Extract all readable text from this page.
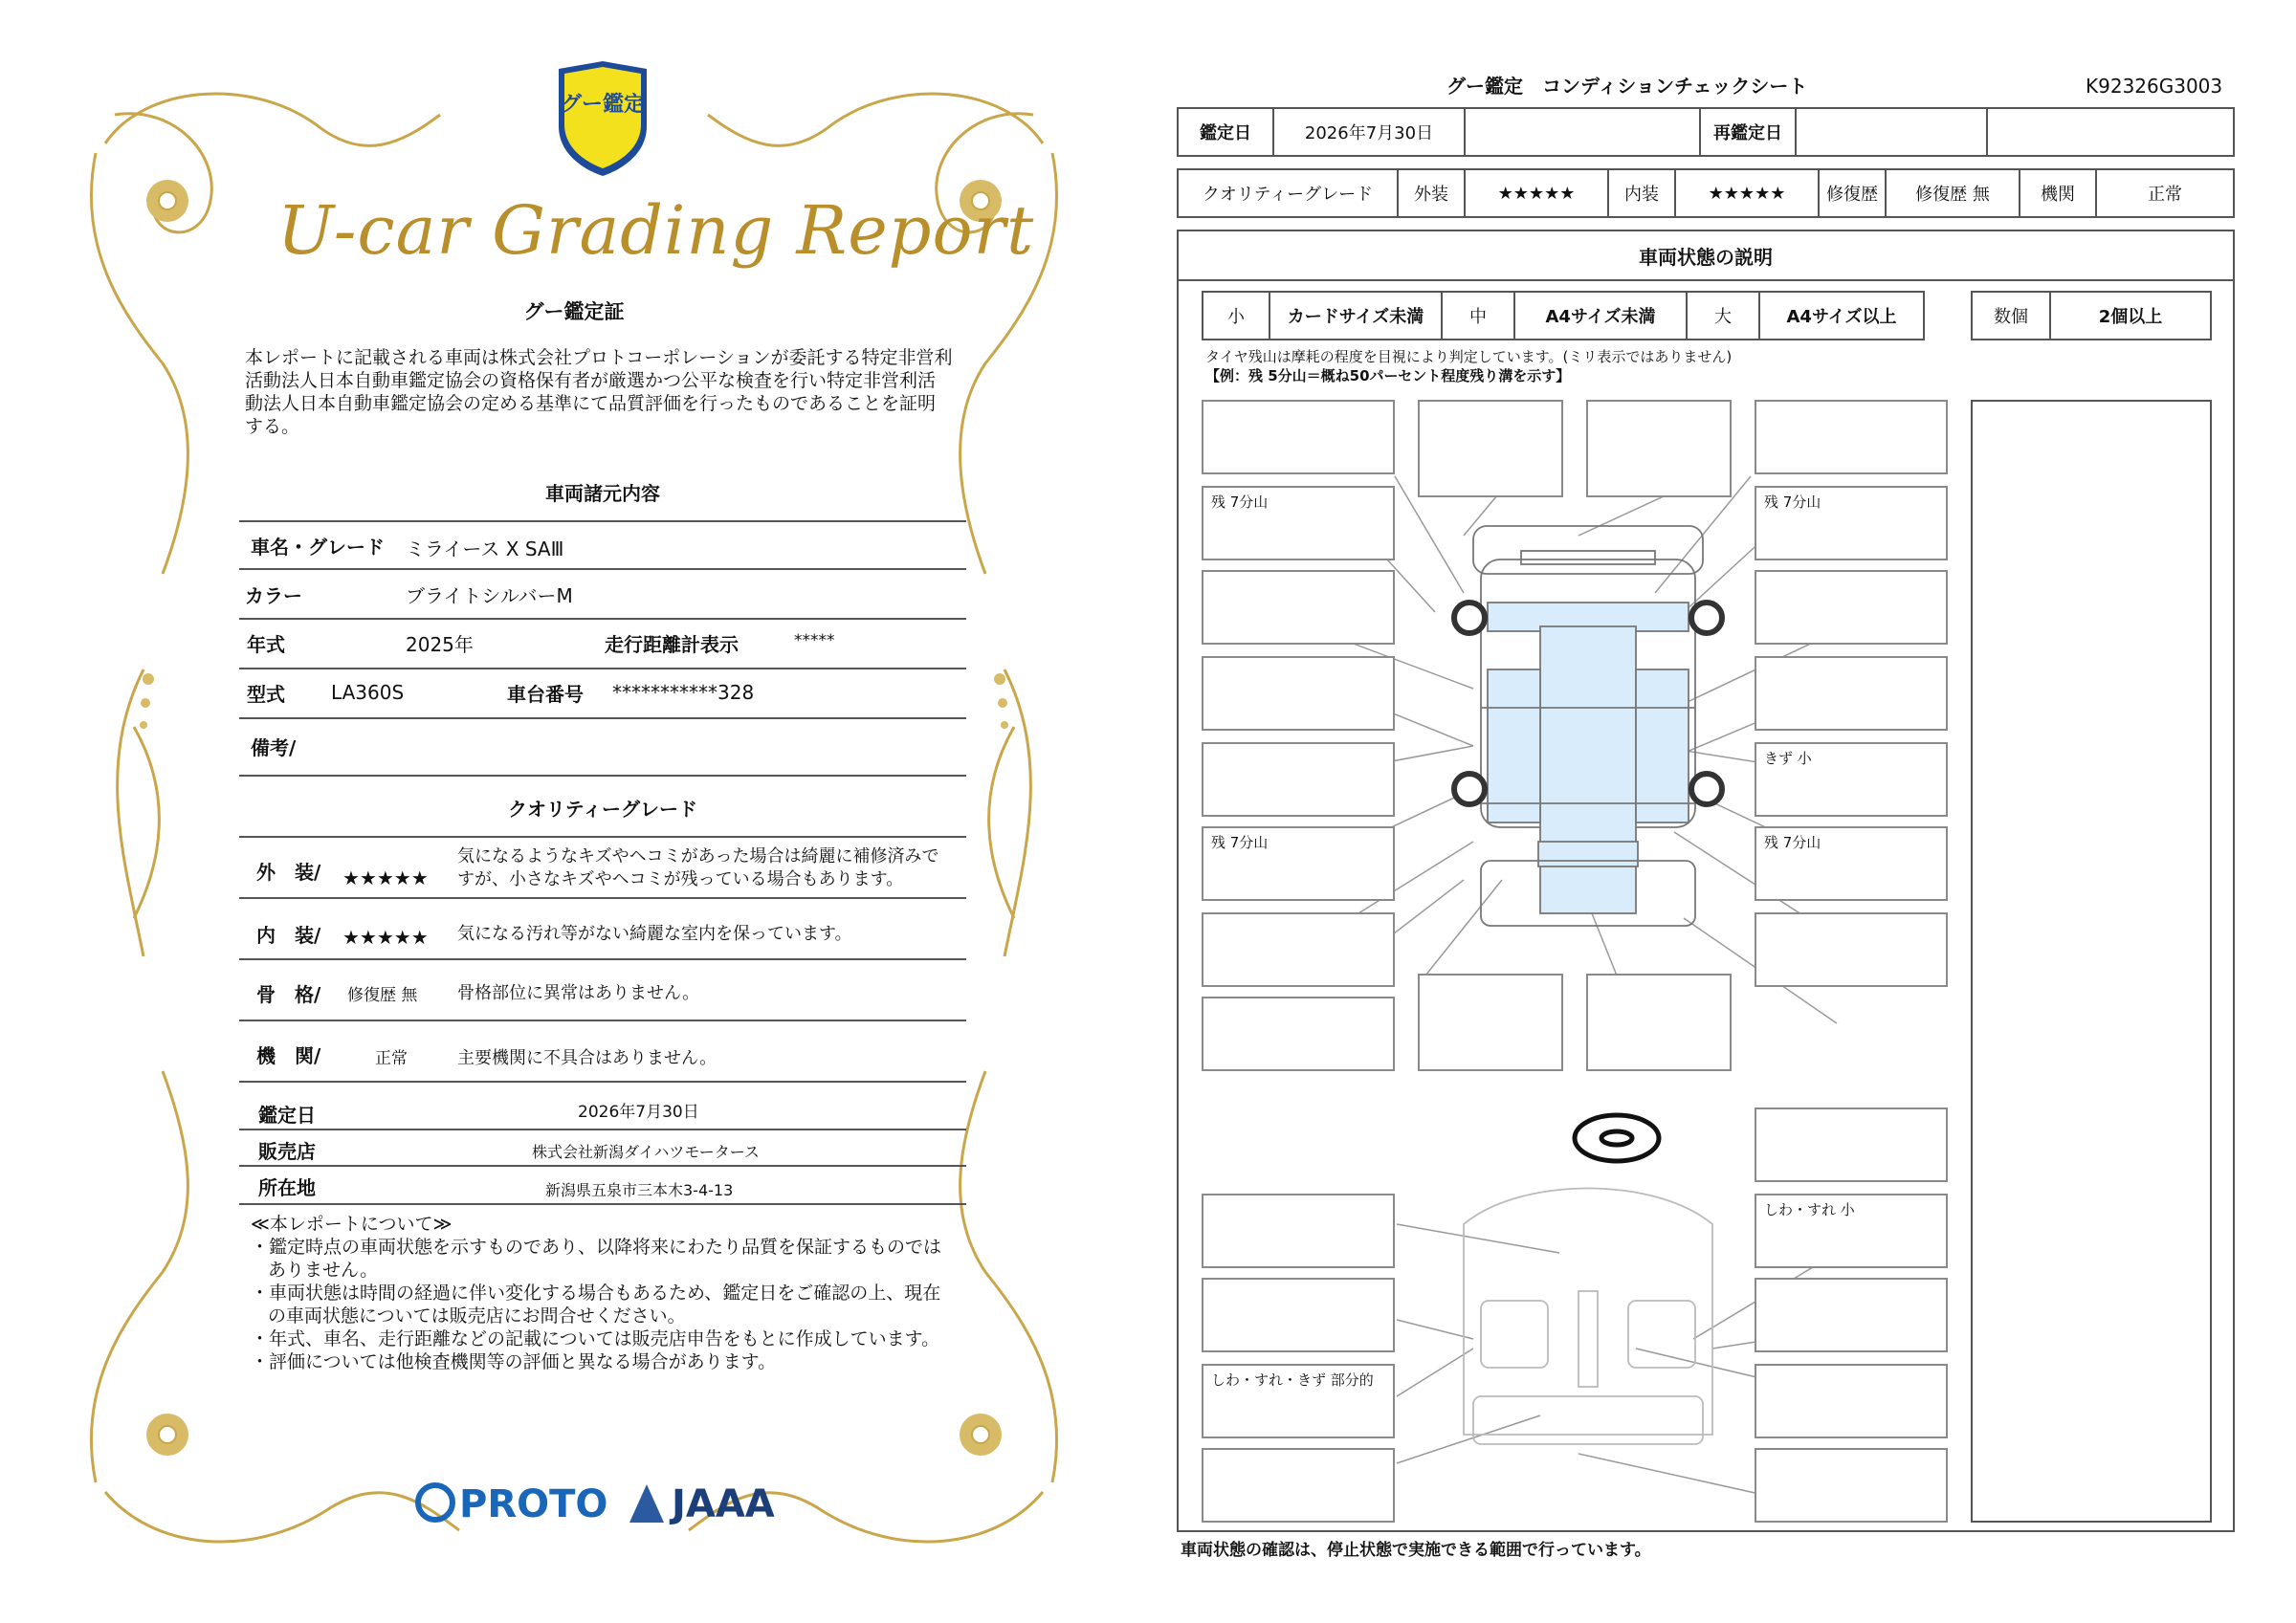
グー鑑定
U-car Grading Report
グー鑑定証
本レポートに記載される車両は株式会社プロトコーポレーションが委託する特定非営利活動法人日本自動車鑑定協会の資格保有者が厳選かつ公平な検査を行い特定非営利活動法人日本自動車鑑定協会の定める基準にて品質評価を行ったものであることを証明する。
車両諸元内容
車名・グレード ミライース X SAⅢ
カラー	ブライトシルバーM
年式	2025年	走行距離計表示	*****
型式 LA360S	車台番号 ***********328
備考/
クオリティーグレード
外　装/ ★★★★★
気になるようなキズやヘコミがあった場合は綺麗に補修済みですが、小さなキズやヘコミが残っている場合もあります。
内　装/ ★★★★★ 気になる汚れ等がない綺麗な室内を保っています。
骨　格/ 修復歴 無 骨格部位に異常はありません。
機　関/	正常	主要機関に不具合はありません。
鑑定日	2026年7月30日
販売店	株式会社新潟ダイハツモータース
所在地	新潟県五泉市三本木3-4-13
≪本レポートについて≫
・鑑定時点の車両状態を示すものであり、以降将来にわたり品質を保証するものではありません。
・車両状態は時間の経過に伴い変化する場合もあるため、鑑定日をご確認の上、現在の車両状態については販売店にお問合せください。
・年式、車名、走行距離などの記載については販売店申告をもとに作成しています。
・評価については他検査機関等の評価と異なる場合があります。
PROTO	JAAA
グー鑑定　コンディションチェックシート	K92326G3003
鑑定日	2026年7月30日	再鑑定日
クオリティーグレード	外装	★★★★★	内装	★★★★★	修復歴	修復歴 無	機関	正常
車両状態の説明
小	カードサイズ未満	中	A4サイズ未満	大	A4サイズ以上	数個	2個以上
タイヤ残山は摩耗の程度を目視により判定しています。(ミリ表示ではありません)
【例：残 5分山＝概ね50パーセント程度残り溝を示す】
残 7分山
残 7分山
残 7分山
きず 小
残 7分山
しわ・すれ 小
しわ・すれ・きず 部分的
車両状態の確認は、停止状態で実施できる範囲で行っています。
